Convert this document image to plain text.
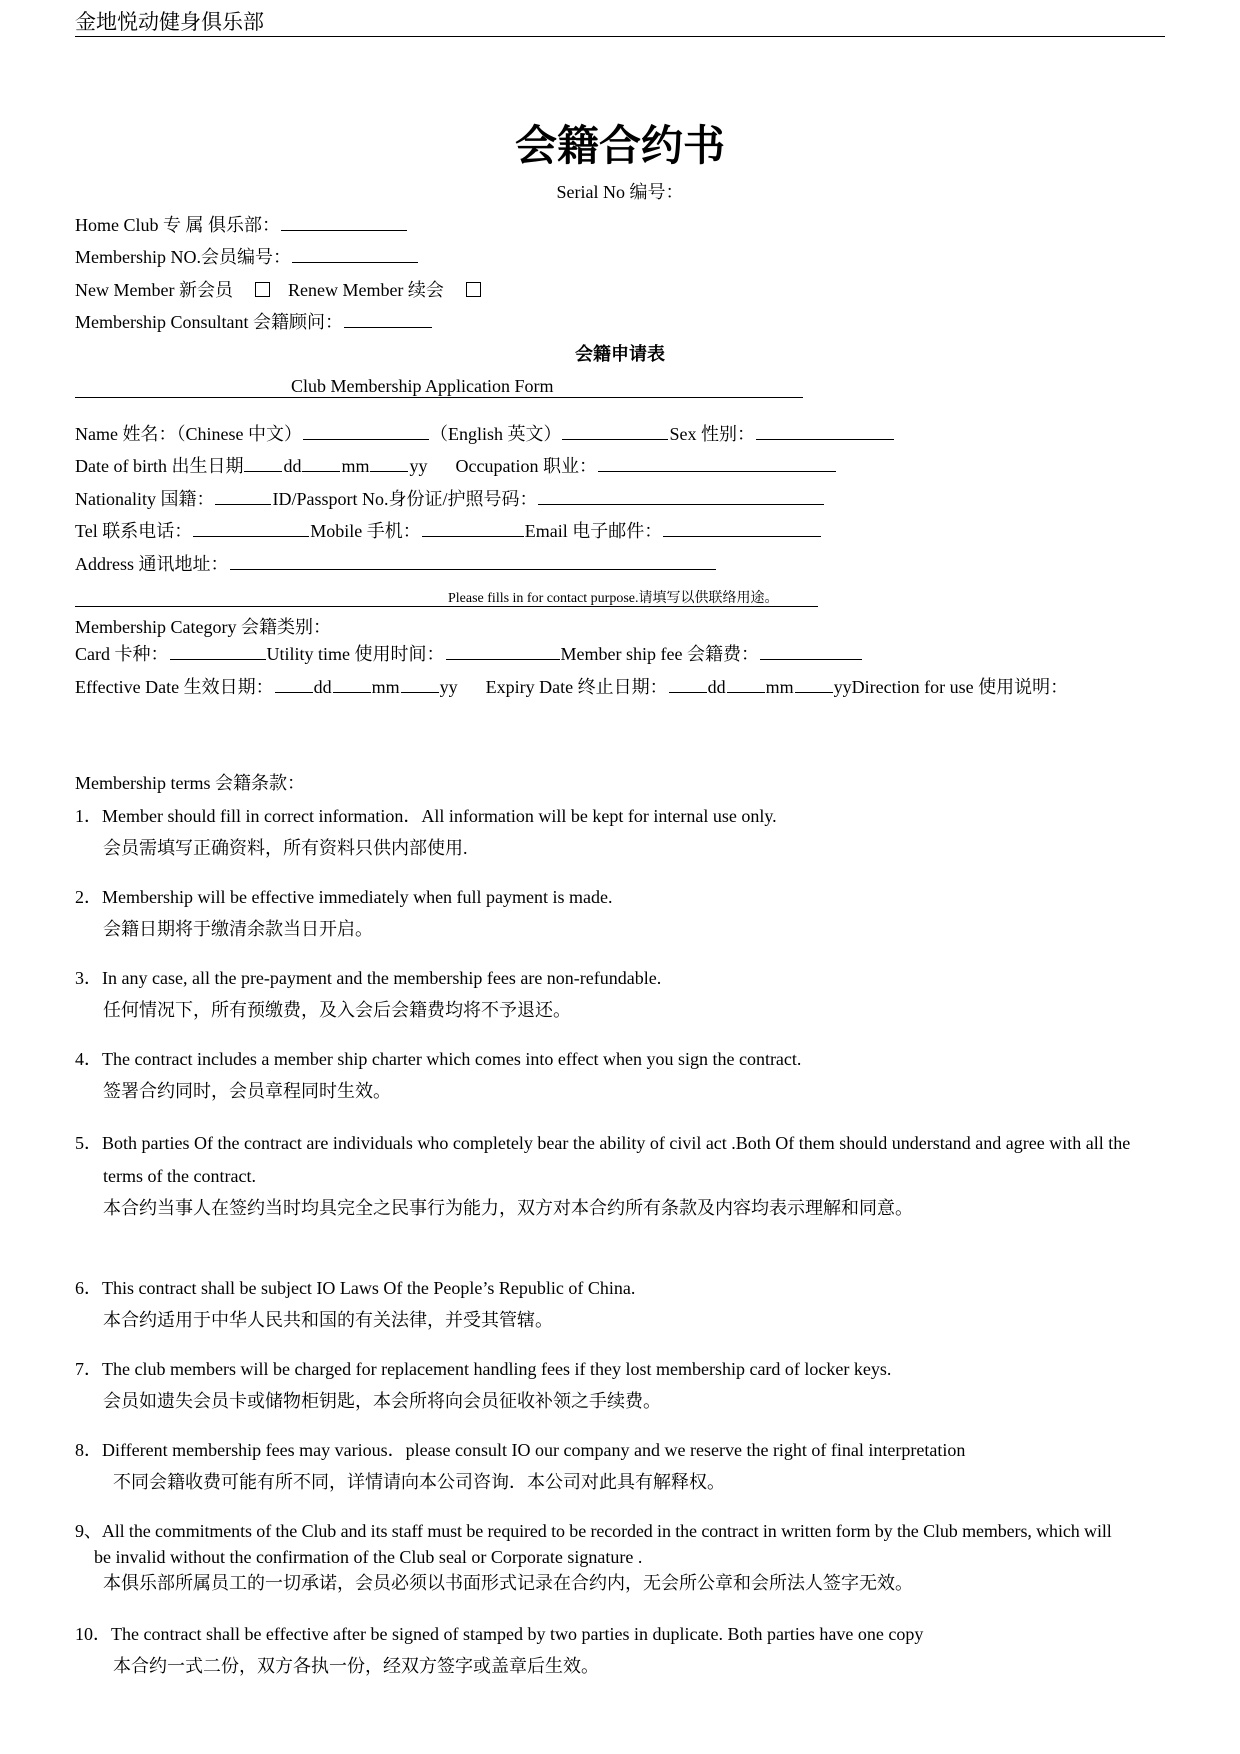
金地悦动健身俱乐部
会籍合约书
Serial No 编号：
Home Club 专 属 俱乐部：
Membership NO.会员编号：
New Member 新会员	Renew Member 续会
Membership Consultant 会籍顾问：
会籍申请表
Club Membership Application Form
Name 姓名：（Chinese 中文）	（English 英文）	Sex 性别：
Date of birth 出生日期 dd mm yy Occupation 职业：
Nationality 国籍：	ID/Passport No.身份证/护照号码：
Tel 联系电话：	Mobile 手机：	Email 电子邮件：
Address 通讯地址：
Please fills in for contact purpose.请填写以供联络用途。
Membership Category 会籍类别：
Card 卡种：	Utility time 使用时间：	Member ship fee 会籍费：
Effective Date 生效日期： dd mm yy Expiry Date 终止日期： dd mm yyDirection for use 使用说明：
Membership terms 会籍条款：
1．Member should fill in correct information．All information will be kept for internal use only.
会员需填写正确资料，所有资料只供内部使用.
2．Membership will be effective immediately when full payment is made.
会籍日期将于缴清余款当日开启。
3．In any case, all the pre-payment and the membership fees are non-refundable.
任何情况下，所有预缴费，及入会后会籍费均将不予退还。
4．The contract includes a member ship charter which comes into effect when you sign the contract.
签署合约同时，会员章程同时生效。
5．Both parties Of the contract are individuals who completely bear the ability of civil act .Both Of them should understand and agree with all the
terms of the contract.
本合约当事人在签约当时均具完全之民事行为能力，双方对本合约所有条款及内容均表示理解和同意。
6．This contract shall be subject IO Laws Of the People’s Republic of China.
本合约适用于中华人民共和国的有关法律，并受其管辖。
7．The club members will be charged for replacement handling fees if they lost membership card of locker keys.
会员如遗失会员卡或储物柜钥匙，本会所将向会员征收补领之手续费。
8．Different membership fees may various．please consult IO our company and we reserve the right of final interpretation
不同会籍收费可能有所不同，详情请向本公司咨询．本公司对此具有解释权。
9、All the commitments of the Club and its staff must be required to be recorded in the contract in written form by the Club members, which will
be invalid without the confirmation of the Club seal or Corporate signature .
本俱乐部所属员工的一切承诺，会员必须以书面形式记录在合约内，无会所公章和会所法人签字无效。
10．The contract shall be effective after be signed of stamped by two parties in duplicate. Both parties have one copy
本合约一式二份，双方各执一份，经双方签字或盖章后生效。
